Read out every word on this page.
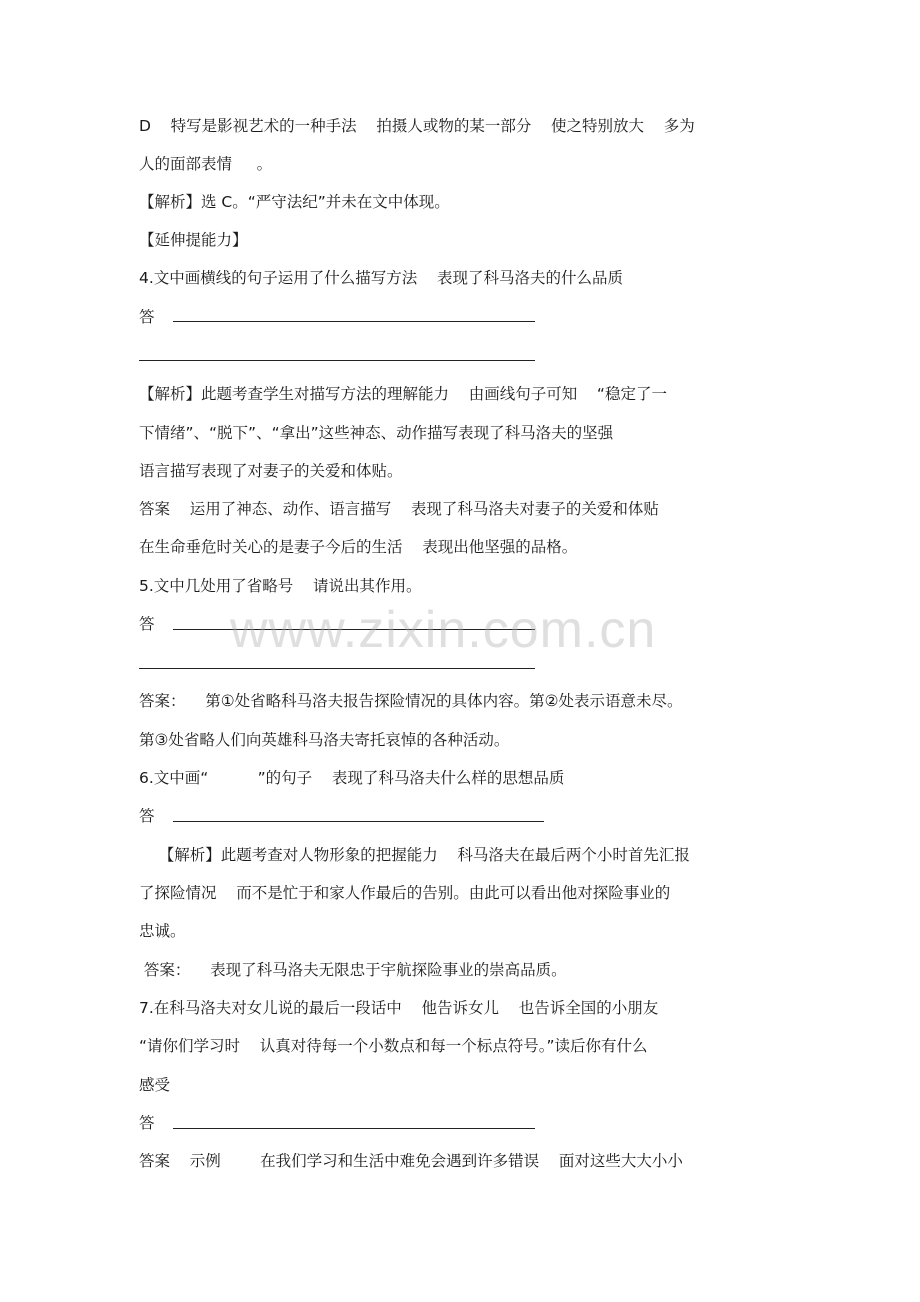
D    特写是影视艺术的一种手法    拍摄人或物的某一部分    使之特别放大    多为
人的面部表情     。
【解析】选 C。“严守法纪”并未在文中体现。
【延伸提能力】
4.文中画横线的句子运用了什么描写方法    表现了科马洛夫的什么品质
答
【解析】此题考查学生对描写方法的理解能力    由画线句子可知    “稳定了一
下情绪”、“脱下”、“拿出”这些神态、动作描写表现了科马洛夫的坚强
语言描写表现了对妻子的关爱和体贴。
答案    运用了神态、动作、语言描写    表现了科马洛夫对妻子的关爱和体贴
在生命垂危时关心的是妻子今后的生活    表现出他坚强的品格。
5.文中几处用了省略号    请说出其作用。
答
答案：    第①处省略科马洛夫报告探险情况的具体内容。第②处表示语意未尽。
第③处省略人们向英雄科马洛夫寄托哀悼的各种活动。
6.文中画“          ”的句子    表现了科马洛夫什么样的思想品质
答
【解析】此题考查对人物形象的把握能力    科马洛夫在最后两个小时首先汇报
了探险情况    而不是忙于和家人作最后的告别。由此可以看出他对探险事业的
忠诚。
答案：    表现了科马洛夫无限忠于宇航探险事业的崇高品质。
7.在科马洛夫对女儿说的最后一段话中    他告诉女儿    也告诉全国的小朋友
“请你们学习时    认真对待每一个小数点和每一个标点符号。”读后你有什么
感受
答
答案    示例        在我们学习和生活中难免会遇到许多错误    面对这些大大小小
www.zixin.com.cn
